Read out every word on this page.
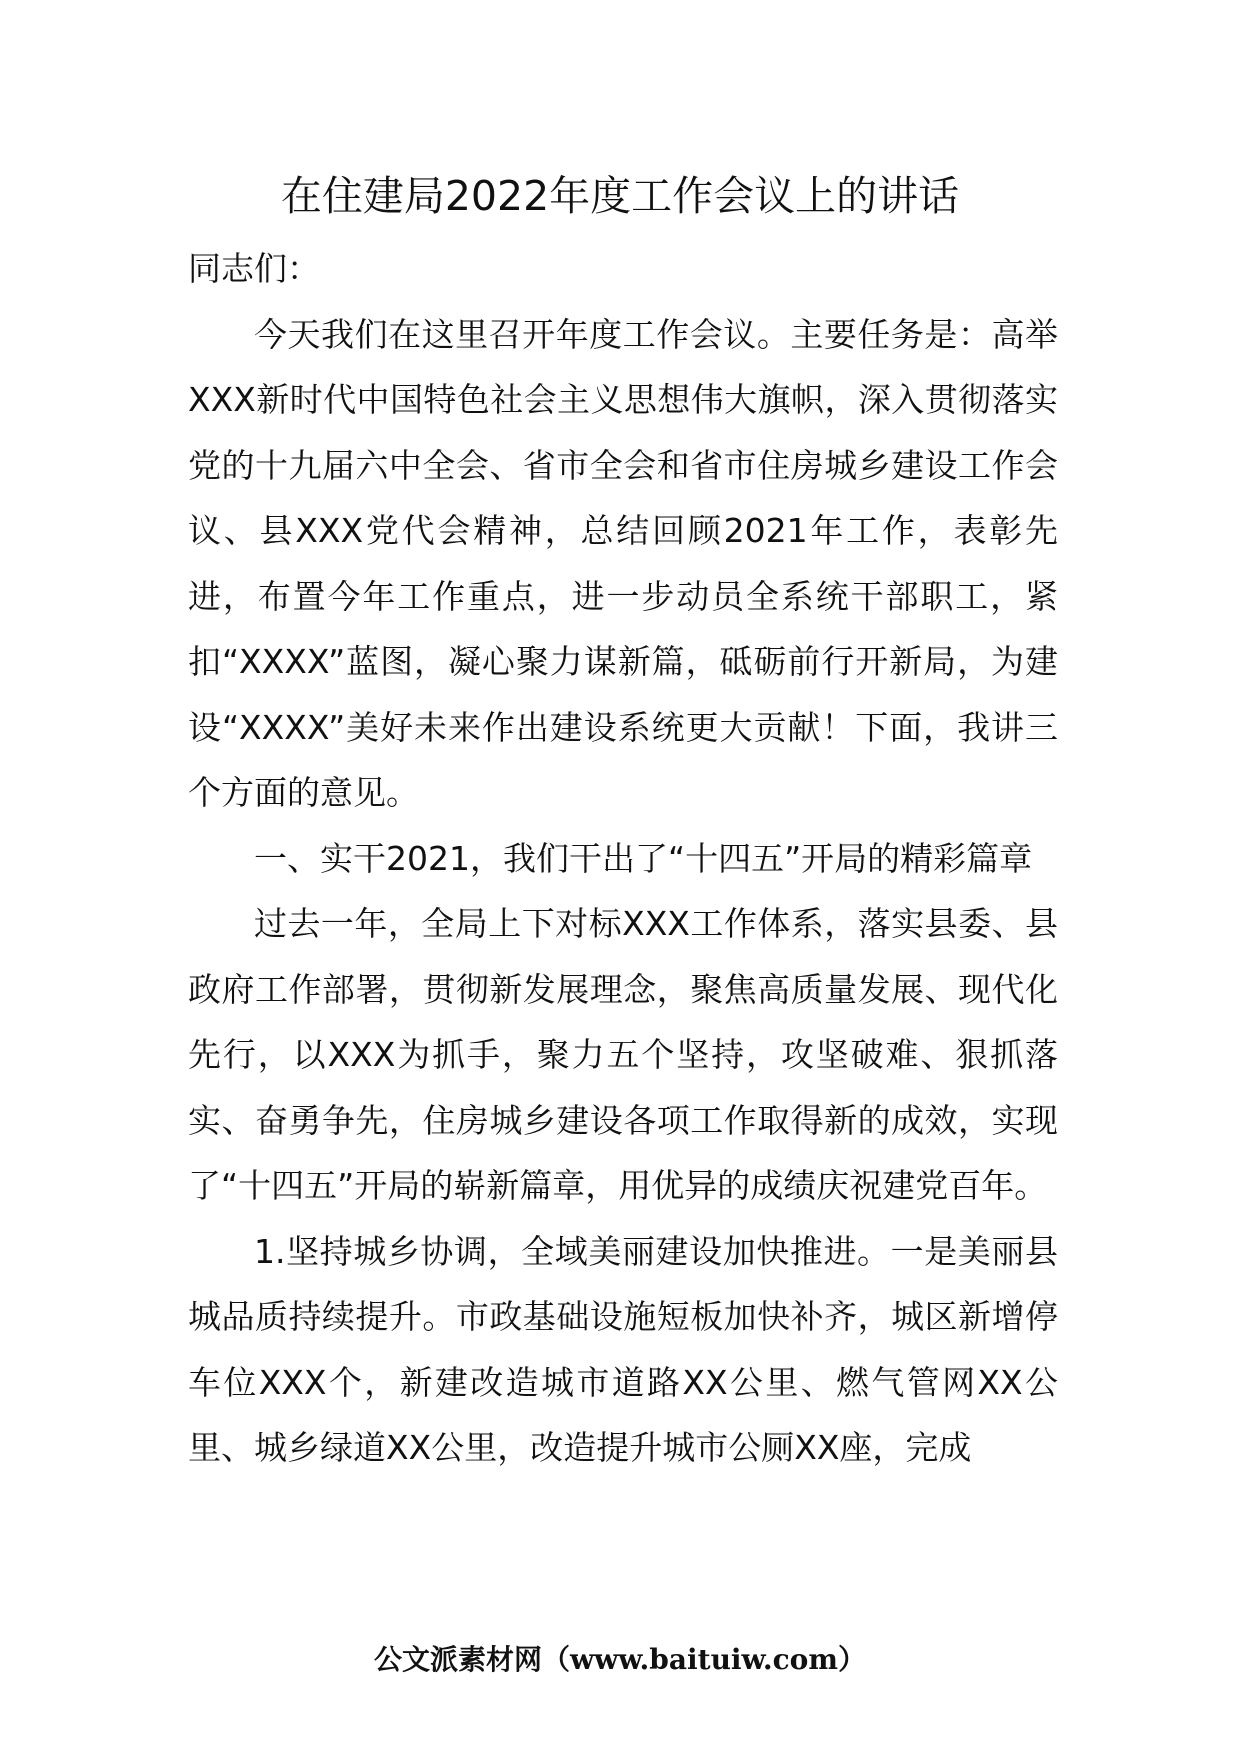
在住建局2022年度工作会议上的讲话

同志们：

今天我们在这里召开年度工作会议。主要任务是：高举XXX新时代中国特色社会主义思想伟大旗帜，深入贯彻落实党的十九届六中全会、省市全会和省市住房城乡建设工作会议、县XXX党代会精神，总结回顾2021年工作，表彰先进，布置今年工作重点，进一步动员全系统干部职工，紧扣“XXXX”蓝图，凝心聚力谋新篇，砥砺前行开新局，为建设“XXXX”美好未来作出建设系统更大贡献！下面，我讲三个方面的意见。

一、实干2021，我们干出了“十四五”开局的精彩篇章

过去一年，全局上下对标XXX工作体系，落实县委、县政府工作部署，贯彻新发展理念，聚焦高质量发展、现代化先行，以XXX为抓手，聚力五个坚持，攻坚破难、狠抓落实、奋勇争先，住房城乡建设各项工作取得新的成效，实现了“十四五”开局的崭新篇章，用优异的成绩庆祝建党百年。

1.坚持城乡协调，全域美丽建设加快推进。一是美丽县城品质持续提升。市政基础设施短板加快补齐，城区新增停车位XXX个，新建改造城市道路XX公里、燃气管网XX公里、城乡绿道XX公里，改造提升城市公厕XX座，完成

公文派素材网（www.baituiw.com）
